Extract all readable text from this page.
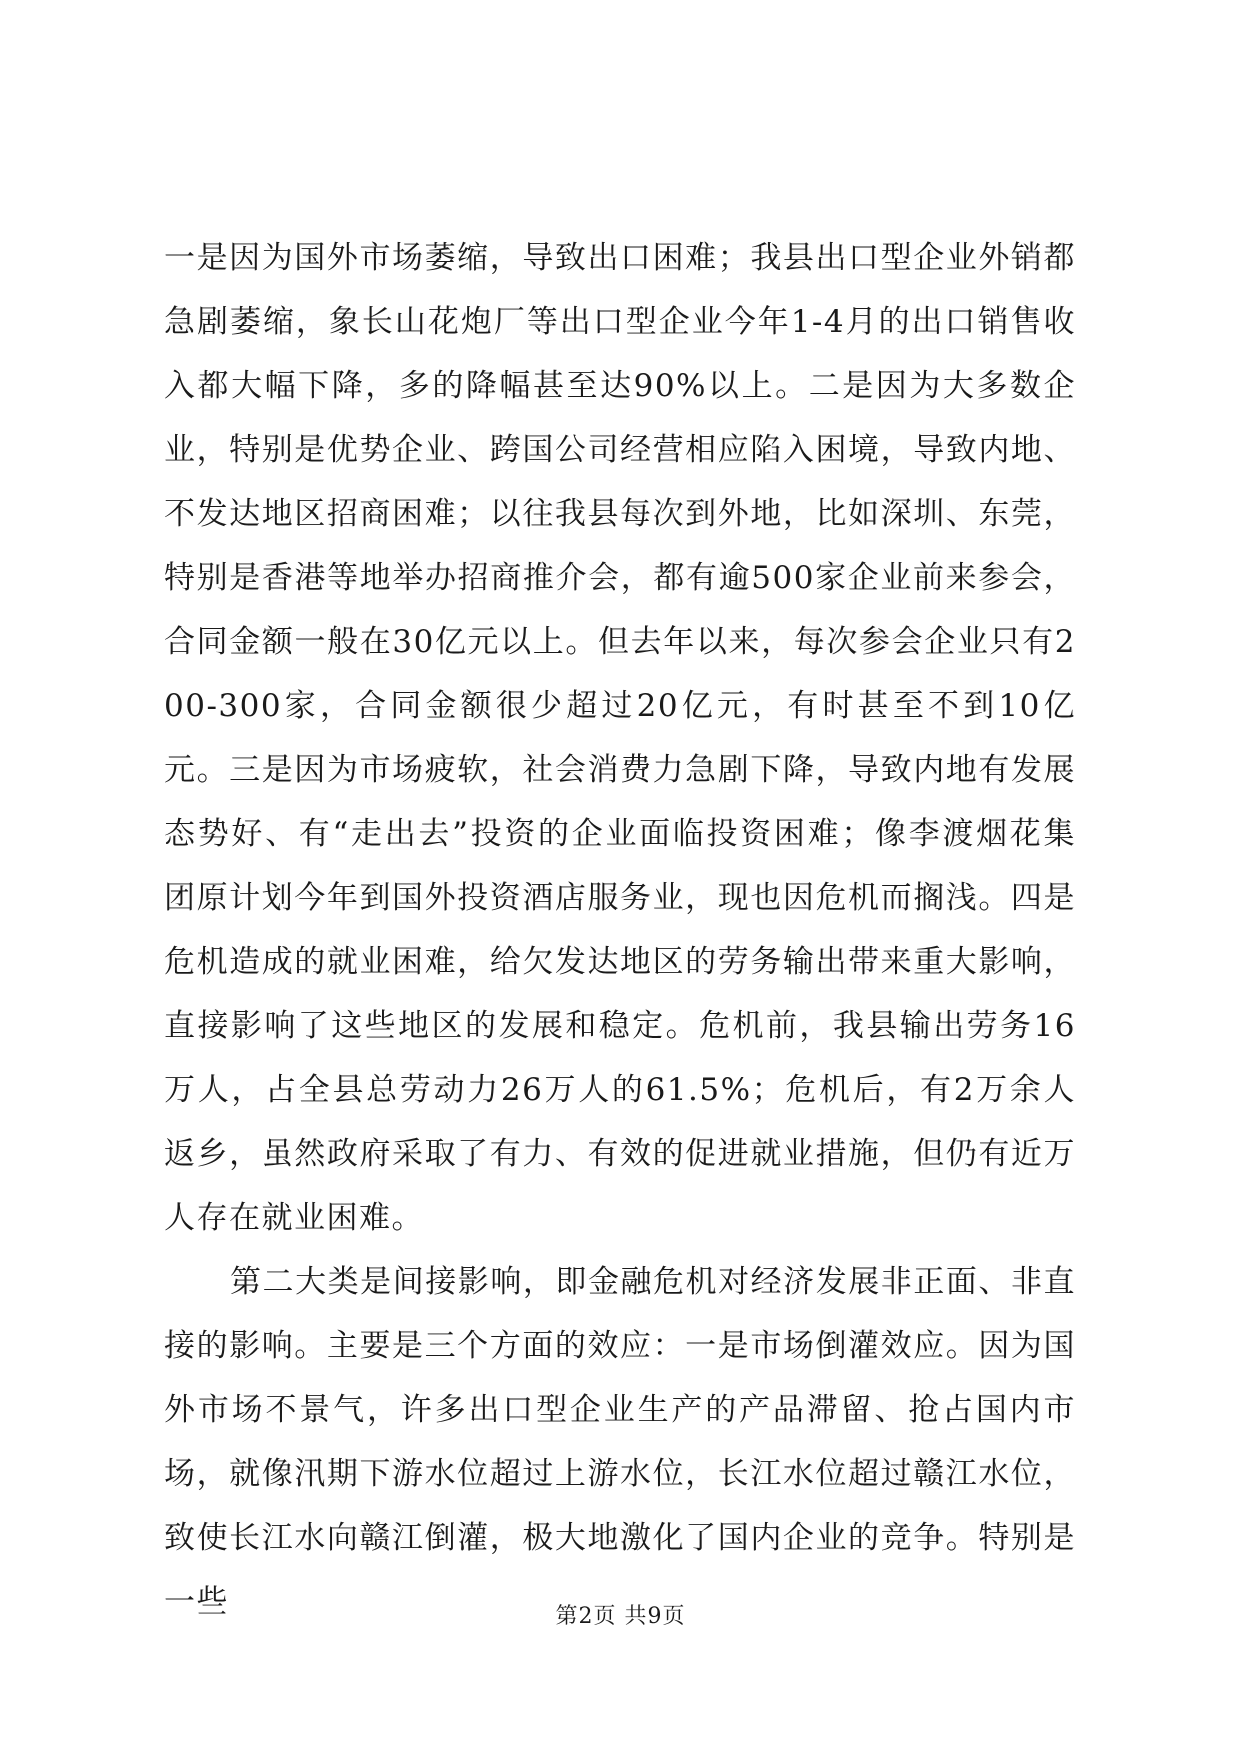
一是因为国外市场萎缩，导致出口困难；我县出口型企业外销都急剧萎缩，象长山花炮厂等出口型企业今年1-4月的出口销售收入都大幅下降，多的降幅甚至达90%以上。二是因为大多数企业，特别是优势企业、跨国公司经营相应陷入困境，导致内地、不发达地区招商困难；以往我县每次到外地，比如深圳、东莞，特别是香港等地举办招商推介会，都有逾500家企业前来参会，合同金额一般在30亿元以上。但去年以来，每次参会企业只有200-300家，合同金额很少超过20亿元，有时甚至不到10亿元。三是因为市场疲软，社会消费力急剧下降，导致内地有发展态势好、有“走出去”投资的企业面临投资困难；像李渡烟花集团原计划今年到国外投资酒店服务业，现也因危机而搁浅。四是危机造成的就业困难，给欠发达地区的劳务输出带来重大影响，直接影响了这些地区的发展和稳定。危机前，我县输出劳务16万人，占全县总劳动力26万人的61.5%；危机后，有2万余人返乡，虽然政府采取了有力、有效的促进就业措施，但仍有近万人存在就业困难。

第二大类是间接影响，即金融危机对经济发展非正面、非直接的影响。主要是三个方面的效应：一是市场倒灌效应。因为国外市场不景气，许多出口型企业生产的产品滞留、抢占国内市场，就像汛期下游水位超过上游水位，长江水位超过赣江水位，致使长江水向赣江倒灌，极大地激化了国内企业的竞争。特别是一些	第2页 共9页
